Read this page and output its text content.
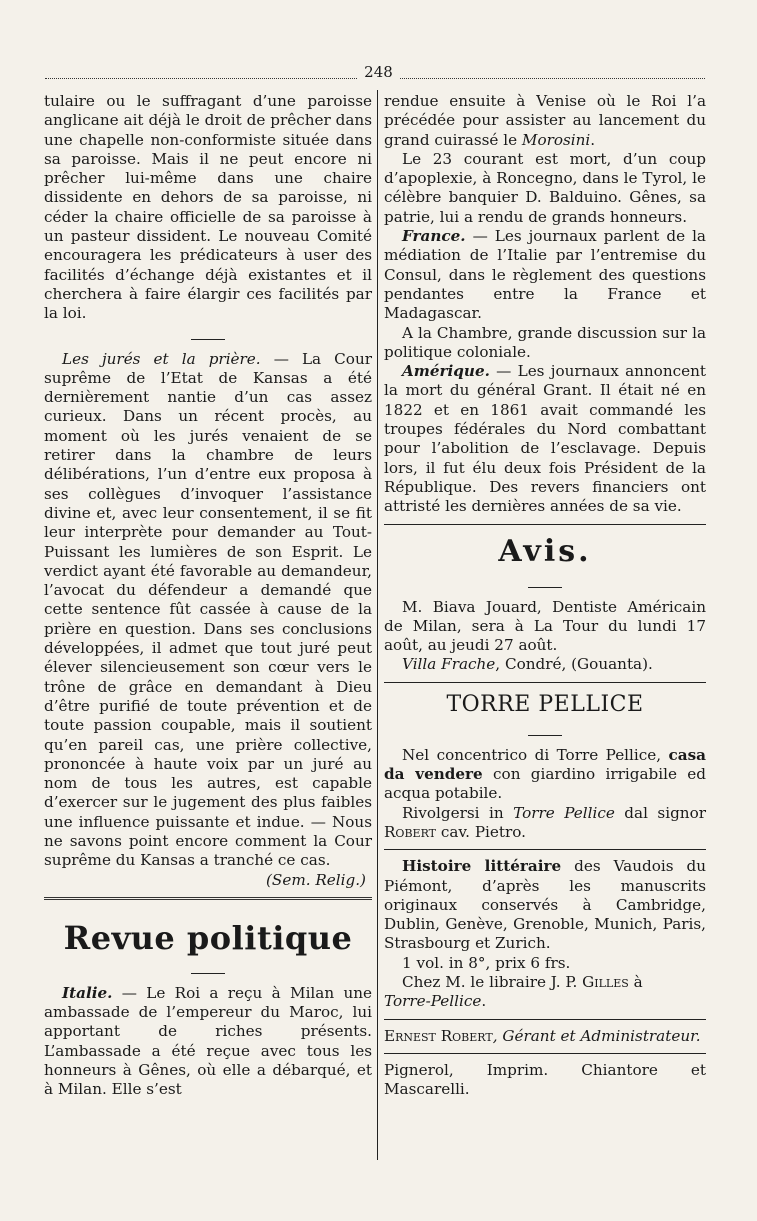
248

tulaire ou le suffragant d’une paroisse anglicane ait déjà le droit de prêcher dans une chapelle non-conformiste située dans sa paroisse. Mais il ne peut encore ni prêcher lui-même dans une chaire dissidente en dehors de sa paroisse, ni céder la chaire officielle de sa paroisse à un pasteur dissident. Le nouveau Comité encouragera les prédicateurs à user des facilités d’échange déjà existantes et il cherchera à faire élargir ces facilités par la loi.

Les jurés et la prière. — La Cour suprême de l’Etat de Kansas a été dernièrement nantie d’un cas assez curieux. Dans un récent procès, au moment où les jurés venaient de se retirer dans la chambre de leurs délibérations, l’un d’entre eux proposa à ses collègues d’invoquer l’assistance divine et, avec leur consentement, il se fit leur interprète pour demander au Tout-Puissant les lumières de son Esprit. Le verdict ayant été favorable au demandeur, l’avocat du défendeur a demandé que cette sentence fût cassée à cause de la prière en question. Dans ses conclusions développées, il admet que tout juré peut élever silencieusement son cœur vers le trône de grâce en demandant à Dieu d’être purifié de toute prévention et de toute passion coupable, mais il soutient qu’en pareil cas, une prière collective, prononcée à haute voix par un juré au nom de tous les autres, est capable d’exercer sur le jugement des plus faibles une influence puissante et indue. — Nous ne savons point encore comment la Cour suprême du Kansas a tranché ce cas.

(Sem. Relig.)

Revue politique

Italie. — Le Roi a reçu à Milan une ambassade de l’empereur du Maroc, lui apportant de riches présents. L’ambassade a été reçue avec tous les honneurs à Gênes, où elle a débarqué, et à Milan. Elle s’est

rendue ensuite à Venise où le Roi l’a précédée pour assister au lancement du grand cuirassé le Morosini.

Le 23 courant est mort, d’un coup d’apoplexie, à Roncegno, dans le Tyrol, le célèbre banquier D. Balduino. Gênes, sa patrie, lui a rendu de grands honneurs.

France. — Les journaux parlent de la médiation de l’Italie par l’entremise du Consul, dans le règlement des questions pendantes entre la France et Madagascar.

A la Chambre, grande discussion sur la politique coloniale.

Amérique. — Les journaux annoncent la mort du général Grant. Il était né en 1822 et en 1861 avait commandé les troupes fédérales du Nord combattant pour l’abolition de l’esclavage. Depuis lors, il fut élu deux fois Président de la République. Des revers financiers ont attristé les dernières années de sa vie.

Avis.

M. Biava Jouard, Dentiste Américain de Milan, sera à La Tour du lundi 17 août, au jeudi 27 août.

Villa Frache, Condré, (Gouanta).

TORRE PELLICE

Nel concentrico di Torre Pellice, casa da vendere con giardino irrigabile ed acqua potabile.

Rivolgersi in Torre Pellice dal signor Robert cav. Pietro.

Histoire littéraire des Vaudois du Piémont, d’après les manuscrits originaux conservés à Cambridge, Dublin, Genève, Grenoble, Munich, Paris, Strasbourg et Zurich.

1 vol. in 8°, prix 6 frs.

Chez M. le libraire J. P. Gilles à
Torre-Pellice.

Ernest Robert, Gérant et Administrateur.

Pignerol, Imprim. Chiantore et Mascarelli.
